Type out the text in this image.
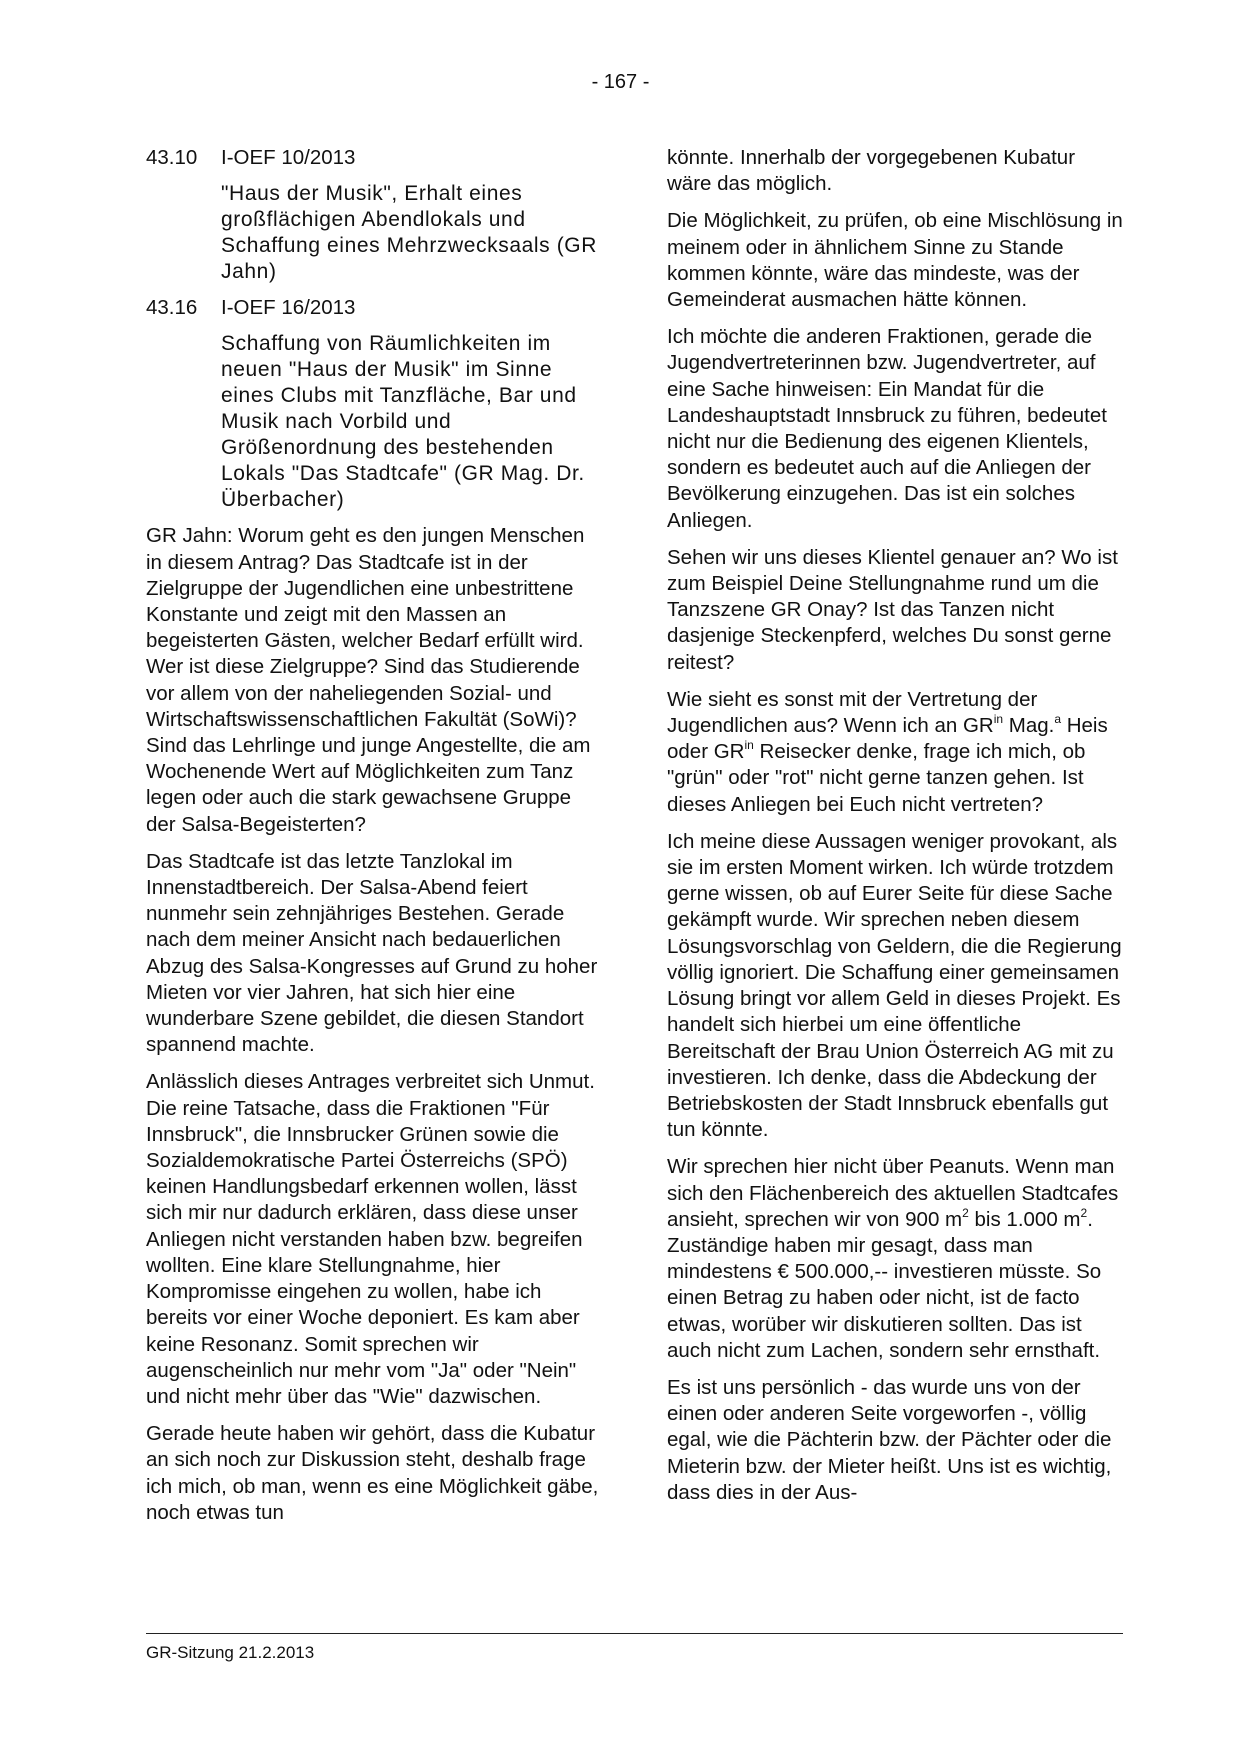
- 167 -
43.10	I-OEF 10/2013
"Haus der Musik", Erhalt eines großflächigen Abendlokals und Schaffung eines Mehrzwecksaals (GR Jahn)
43.16	I-OEF 16/2013
Schaffung von Räumlichkeiten im neuen "Haus der Musik" im Sinne eines Clubs mit Tanzfläche, Bar und Musik nach Vorbild und Größenordnung des bestehenden Lokals "Das Stadtcafe" (GR Mag. Dr. Überbacher)

GR Jahn: Worum geht es den jungen Menschen in diesem Antrag? Das Stadtcafe ist in der Zielgruppe der Jugendlichen eine unbestrittene Konstante und zeigt mit den Massen an begeisterten Gästen, welcher Bedarf erfüllt wird. Wer ist diese Zielgruppe? Sind das Studierende vor allem von der naheliegenden Sozial- und Wirtschaftswissenschaftlichen Fakultät (SoWi)? Sind das Lehrlinge und junge Angestellte, die am Wochenende Wert auf Möglichkeiten zum Tanz legen oder auch die stark gewachsene Gruppe der Salsa-Begeisterten?

Das Stadtcafe ist das letzte Tanzlokal im Innenstadtbereich. Der Salsa-Abend feiert nunmehr sein zehnjähriges Bestehen. Gerade nach dem meiner Ansicht nach bedauerlichen Abzug des Salsa-Kongresses auf Grund zu hoher Mieten vor vier Jahren, hat sich hier eine wunderbare Szene gebildet, die diesen Standort spannend machte.

Anlässlich dieses Antrages verbreitet sich Unmut. Die reine Tatsache, dass die Fraktionen "Für Innsbruck", die Innsbrucker Grünen sowie die Sozialdemokratische Partei Österreichs (SPÖ) keinen Handlungsbedarf erkennen wollen, lässt sich mir nur dadurch erklären, dass diese unser Anliegen nicht verstanden haben bzw. begreifen wollten. Eine klare Stellungnahme, hier Kompromisse eingehen zu wollen, habe ich bereits vor einer Woche deponiert. Es kam aber keine Resonanz. Somit sprechen wir augenscheinlich nur mehr vom "Ja" oder "Nein" und nicht mehr über das "Wie" dazwischen.

Gerade heute haben wir gehört, dass die Kubatur an sich noch zur Diskussion steht, deshalb frage ich mich, ob man, wenn es eine Möglichkeit gäbe, noch etwas tun

könnte. Innerhalb der vorgegebenen Kubatur wäre das möglich.

Die Möglichkeit, zu prüfen, ob eine Mischlösung in meinem oder in ähnlichem Sinne zu Stande kommen könnte, wäre das mindeste, was der Gemeinderat ausmachen hätte können.

Ich möchte die anderen Fraktionen, gerade die Jugendvertreterinnen bzw. Jugendvertreter, auf eine Sache hinweisen: Ein Mandat für die Landeshauptstadt Innsbruck zu führen, bedeutet nicht nur die Bedienung des eigenen Klientels, sondern es bedeutet auch auf die Anliegen der Bevölkerung einzugehen. Das ist ein solches Anliegen.

Sehen wir uns dieses Klientel genauer an? Wo ist zum Beispiel Deine Stellungnahme rund um die Tanzszene GR Onay? Ist das Tanzen nicht dasjenige Steckenpferd, welches Du sonst gerne reitest?

Wie sieht es sonst mit der Vertretung der Jugendlichen aus? Wenn ich an $GR^{in}$ Mag.$^a$ Heis oder $GR^{in}$ Reisecker denke, frage ich mich, ob "grün" oder "rot" nicht gerne tanzen gehen. Ist dieses Anliegen bei Euch nicht vertreten?

Ich meine diese Aussagen weniger provokant, als sie im ersten Moment wirken. Ich würde trotzdem gerne wissen, ob auf Eurer Seite für diese Sache gekämpft wurde. Wir sprechen neben diesem Lösungsvorschlag von Geldern, die die Regierung völlig ignoriert. Die Schaffung einer gemeinsamen Lösung bringt vor allem Geld in dieses Projekt. Es handelt sich hierbei um eine öffentliche Bereitschaft der Brau Union Österreich AG mit zu investieren. Ich denke, dass die Abdeckung der Betriebskosten der Stadt Innsbruck ebenfalls gut tun könnte.

Wir sprechen hier nicht über Peanuts. Wenn man sich den Flächenbereich des aktuellen Stadtcafes ansieht, sprechen wir von 900 $m^2$ bis 1.000 $m^2$. Zuständige haben mir gesagt, dass man mindestens € 500.000,-- investieren müsste. So einen Betrag zu haben oder nicht, ist de facto etwas, worüber wir diskutieren sollten. Das ist auch nicht zum Lachen, sondern sehr ernsthaft.

Es ist uns persönlich - das wurde uns von der einen oder anderen Seite vorgeworfen -, völlig egal, wie die Pächterin bzw. der Pächter oder die Mieterin bzw. der Mieter heißt. Uns ist es wichtig, dass dies in der Aus-

GR-Sitzung 21.2.2013
